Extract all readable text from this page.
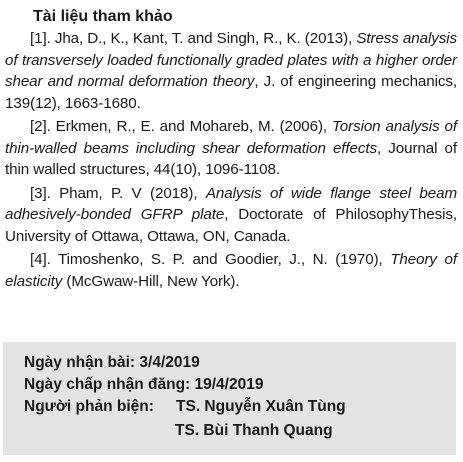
Tài liệu tham khảo

[1]. Jha, D., K., Kant, T. and Singh, R., K. (2013), Stress analysis of transversely loaded functionally graded plates with a higher order shear and normal deformation theory, J. of engineering mechanics, 139(12), 1663-1680.

[2]. Erkmen, R., E. and Mohareb, M. (2006), Torsion analysis of thin-walled beams including shear deformation effects, Journal of thin walled structures, 44(10), 1096-1108.

[3]. Pham, P. V (2018), Analysis of wide flange steel beam adhesively-bonded GFRP plate, Doctorate of PhilosophyThesis, University of Ottawa, Ottawa, ON, Canada.

[4]. Timoshenko, S. P. and Goodier, J., N. (1970), Theory of elasticity (McGwaw-Hill, New York).

Ngày nhận bài: 3/4/2019
Ngày chấp nhận đăng: 19/4/2019
Người phản biện: TS. Nguyễn Xuân Tùng
TS. Bùi Thanh Quang
